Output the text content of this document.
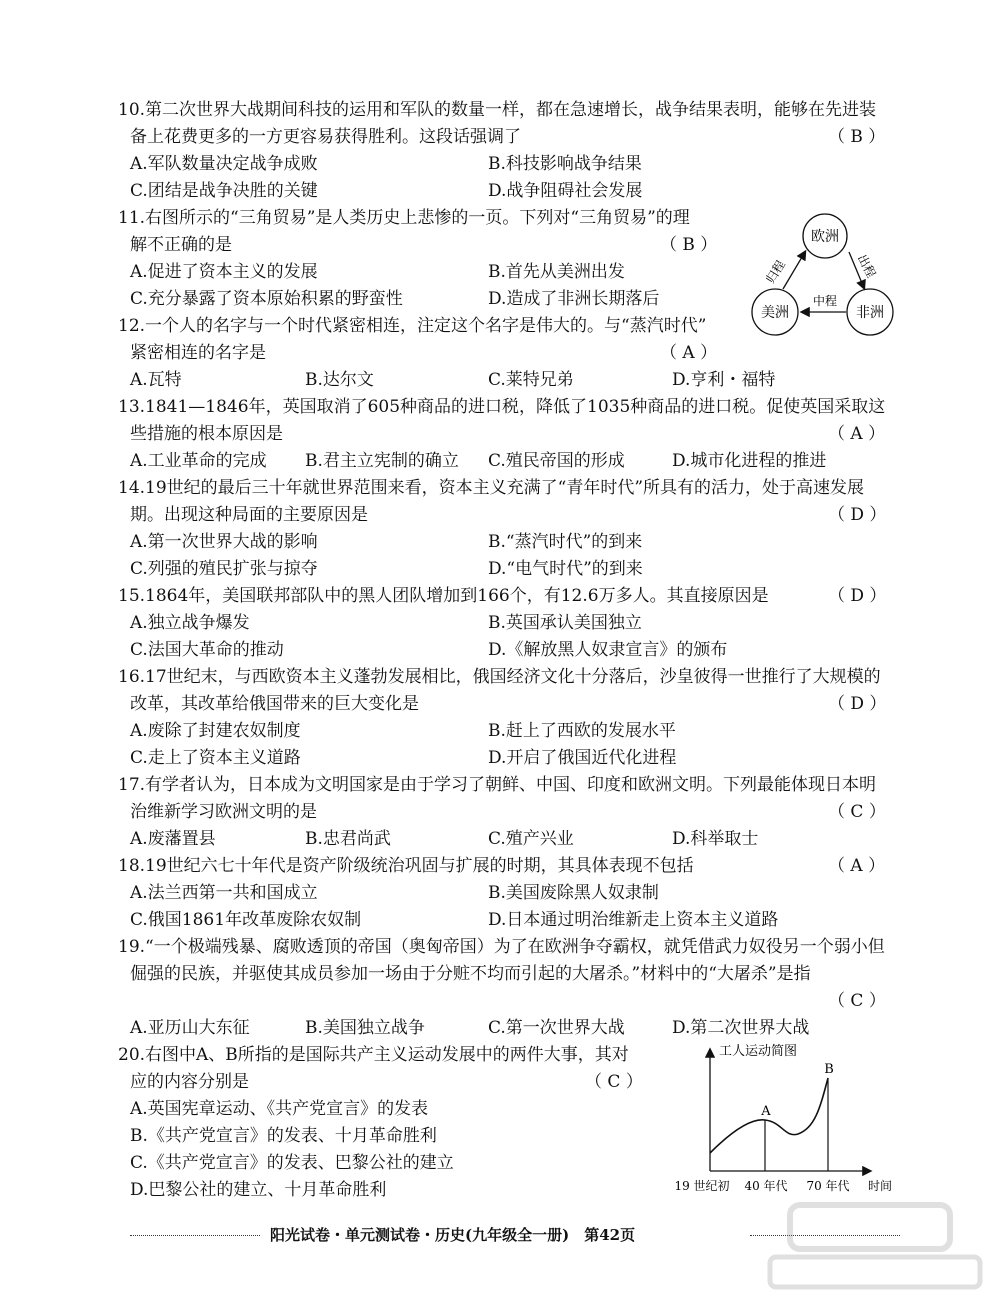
10.第二次世界大战期间科技的运用和军队的数量一样，都在急速增长，战争结果表明，能够在先进装
备上花费更多的一方更容易获得胜利。这段话强调了	（ B ）
A.军队数量决定战争成败	B.科技影响战争结果
C.团结是战争决胜的关键	D.战争阻碍社会发展
11.右图所示的“三角贸易”是人类历史上悲惨的一页。下列对“三角贸易”的理
解不正确的是	（ B ）
A.促进了资本主义的发展	B.首先从美洲出发
C.充分暴露了资本原始积累的野蛮性	D.造成了非洲长期落后
欧洲
美洲	非洲
归程	出程
中程
12.一个人的名字与一个时代紧密相连，注定这个名字是伟大的。与“蒸汽时代”
紧密相连的名字是	（ A ）
A.瓦特	B.达尔文	C.莱特兄弟	D.亨利・福特
13.1841—1846年，英国取消了605种商品的进口税，降低了1035种商品的进口税。促使英国采取这
些措施的根本原因是	（ A ）
A.工业革命的完成 B.君主立宪制的确立 C.殖民帝国的形成	D.城市化进程的推进
14.19世纪的最后三十年就世界范围来看，资本主义充满了“青年时代”所具有的活力，处于高速发展
期。出现这种局面的主要原因是	（ D ）
A.第一次世界大战的影响	B.“蒸汽时代”的到来
C.列强的殖民扩张与掠夺	D.“电气时代”的到来
15.1864年，美国联邦部队中的黑人团队增加到166个，有12.6万多人。其直接原因是	（ D ）
A.独立战争爆发	B.英国承认美国独立
C.法国大革命的推动	D.《解放黑人奴隶宣言》的颁布
16.17世纪末，与西欧资本主义蓬勃发展相比，俄国经济文化十分落后，沙皇彼得一世推行了大规模的
改革，其改革给俄国带来的巨大变化是	（ D ）
A.废除了封建农奴制度	B.赶上了西欧的发展水平
C.走上了资本主义道路	D.开启了俄国近代化进程
17.有学者认为，日本成为文明国家是由于学习了朝鲜、中国、印度和欧洲文明。下列最能体现日本明
治维新学习欧洲文明的是	（ C ）
A.废藩置县	B.忠君尚武	C.殖产兴业	D.科举取士
18.19世纪六七十年代是资产阶级统治巩固与扩展的时期，其具体表现不包括	（ A ）
A.法兰西第一共和国成立	B.美国废除黑人奴隶制
C.俄国1861年改革废除农奴制	D.日本通过明治维新走上资本主义道路
19.“一个极端残暴、腐败透顶的帝国（奥匈帝国）为了在欧洲争夺霸权，就凭借武力奴役另一个弱小但
倔强的民族，并驱使其成员参加一场由于分赃不均而引起的大屠杀。”材料中的“大屠杀”是指
（ C ）
A.亚历山大东征	B.美国独立战争	C.第一次世界大战	D.第二次世界大战
20.右图中A、B所指的是国际共产主义运动发展中的两件大事，其对
应的内容分别是	（ C ）
A.英国宪章运动、《共产党宣言》的发表
B.《共产党宣言》的发表、十月革命胜利
C.《共产党宣言》的发表、巴黎公社的建立
D.巴黎公社的建立、十月革命胜利
工人运动简图
A
B
19 世纪初 40 年代 70 年代 时间
阳光试卷・单元测试卷・历史(九年级全一册)　第42页
